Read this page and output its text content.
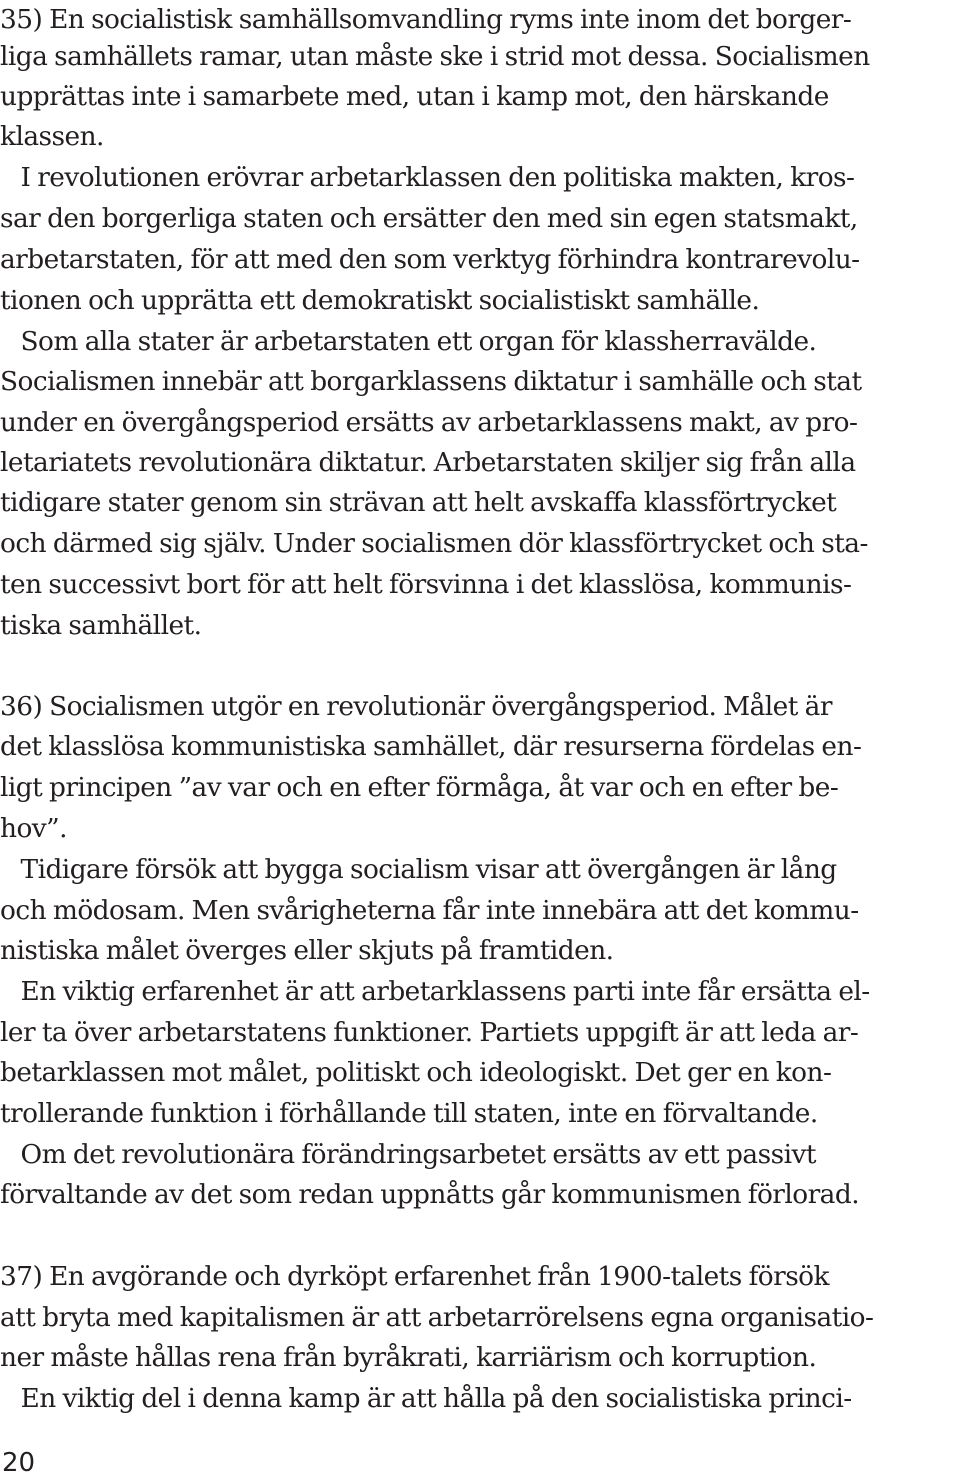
35) En socialistisk samhällsomvandling ryms inte inom det borger-
liga samhällets ramar, utan måste ske i strid mot dessa. Socialismen
upprättas inte i samarbete med, utan i kamp mot, den härskande
klassen.
I revolutionen erövrar arbetarklassen den politiska makten, kros-
sar den borgerliga staten och ersätter den med sin egen statsmakt,
arbetarstaten, för att med den som verktyg förhindra kontrarevolu-
tionen och upprätta ett demokratiskt socialistiskt samhälle.
Som alla stater är arbetarstaten ett organ för klassherravälde.
Socialismen innebär att borgarklassens diktatur i samhälle och stat
under en övergångsperiod ersätts av arbetarklassens makt, av pro-
letariatets revolutionära diktatur. Arbetarstaten skiljer sig från alla
tidigare stater genom sin strävan att helt avskaffa klassförtrycket
och därmed sig själv. Under socialismen dör klassförtrycket och sta-
ten successivt bort för att helt försvinna i det klasslösa, kommunis-
tiska samhället.
36) Socialismen utgör en revolutionär övergångsperiod. Målet är
det klasslösa kommunistiska samhället, där resurserna fördelas en-
ligt principen ”av var och en efter förmåga, åt var och en efter be-
hov”.
Tidigare försök att bygga socialism visar att övergången är lång
och mödosam. Men svårigheterna får inte innebära att det kommu-
nistiska målet överges eller skjuts på framtiden.
En viktig erfarenhet är att arbetarklassens parti inte får ersätta el-
ler ta över arbetarstatens funktioner. Partiets uppgift är att leda ar-
betarklassen mot målet, politiskt och ideologiskt. Det ger en kon-
trollerande funktion i förhållande till staten, inte en förvaltande.
Om det revolutionära förändringsarbetet ersätts av ett passivt
förvaltande av det som redan uppnåtts går kommunismen förlorad.
37) En avgörande och dyrköpt erfarenhet från 1900-talets försök
att bryta med kapitalismen är att arbetarrörelsens egna organisatio-
ner måste hållas rena från byråkrati, karriärism och korruption.
En viktig del i denna kamp är att hålla på den socialistiska princi-
20
